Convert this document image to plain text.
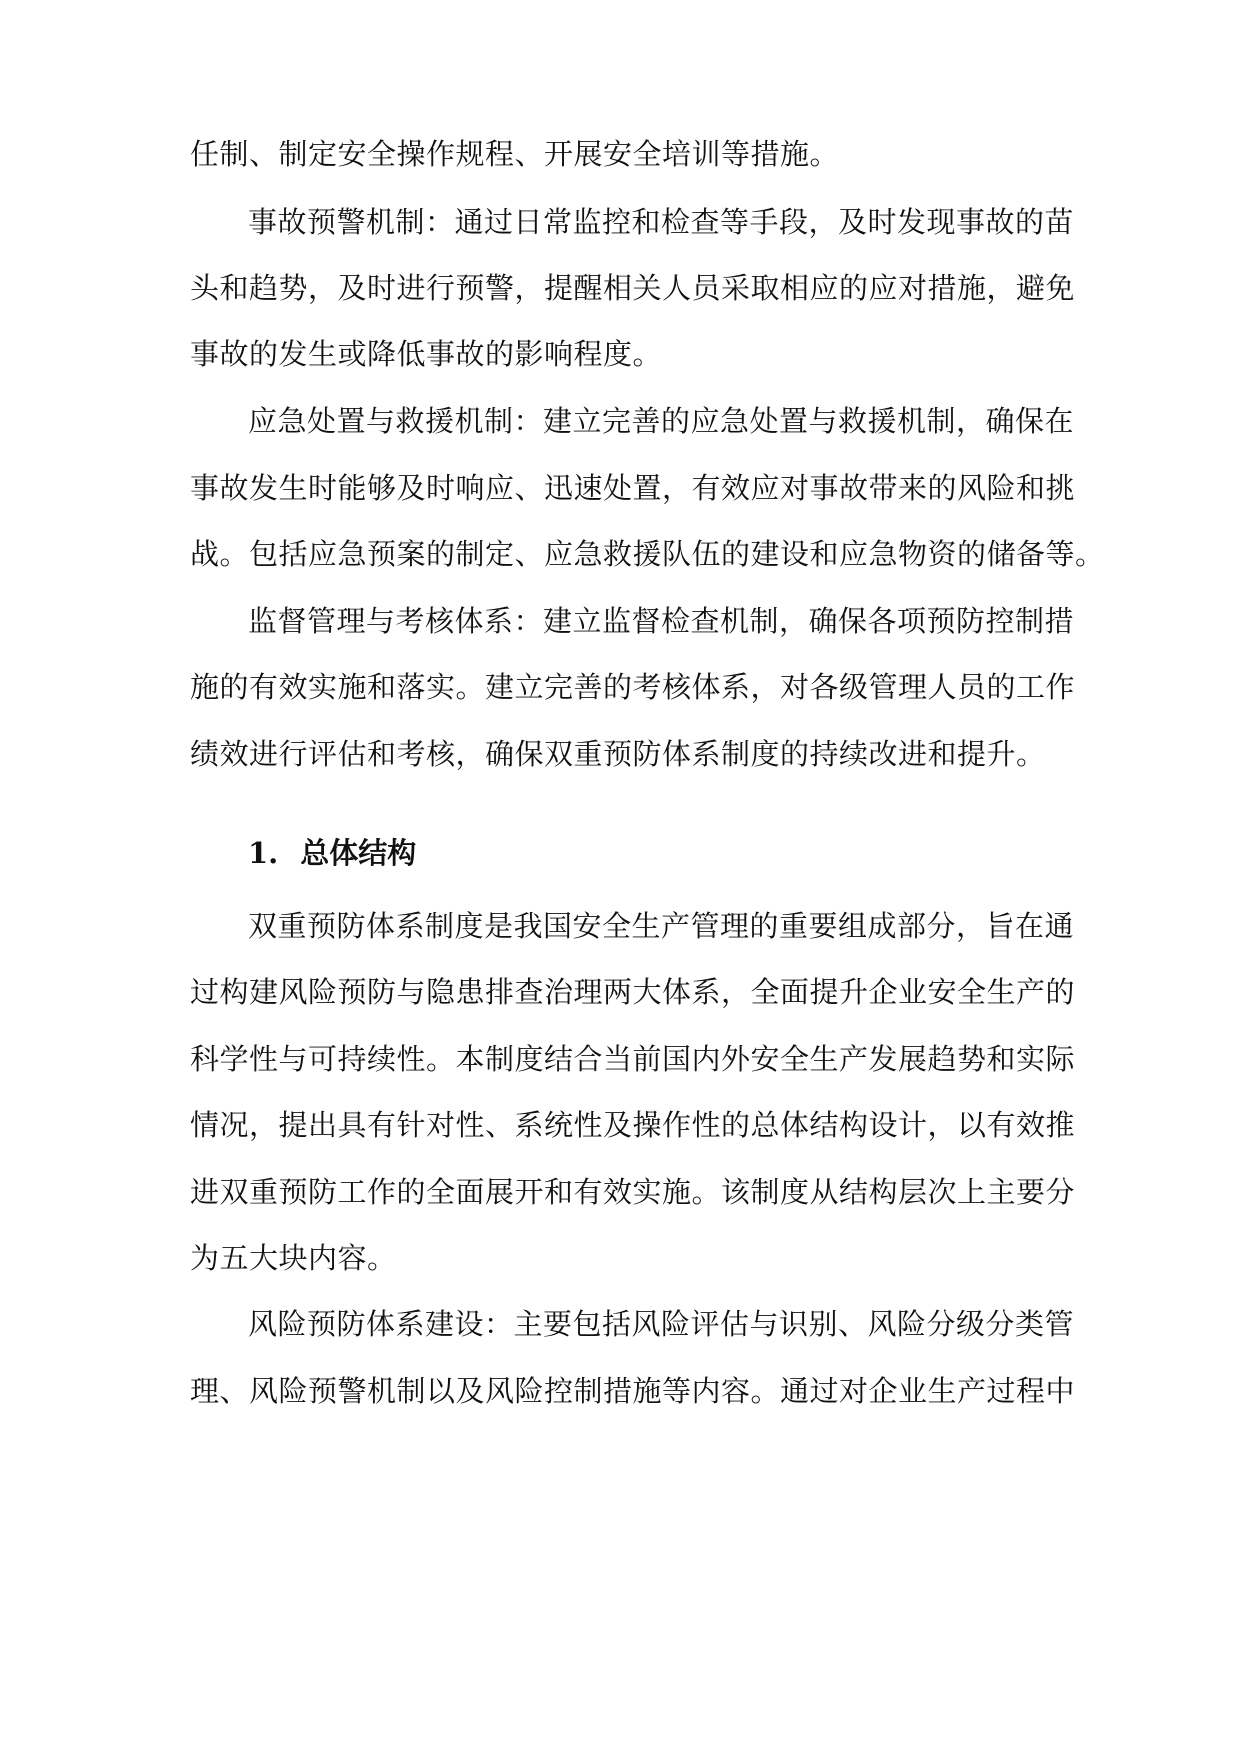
任制、制定安全操作规程、开展安全培训等措施。
事故预警机制：通过日常监控和检查等手段，及时发现事故的苗
头和趋势，及时进行预警，提醒相关人员采取相应的应对措施，避免
事故的发生或降低事故的影响程度。
应急处置与救援机制：建立完善的应急处置与救援机制，确保在
事故发生时能够及时响应、迅速处置，有效应对事故带来的风险和挑
战。包括应急预案的制定、应急救援队伍的建设和应急物资的储备等。
监督管理与考核体系：建立监督检查机制，确保各项预防控制措
施的有效实施和落实。建立完善的考核体系，对各级管理人员的工作
绩效进行评估和考核，确保双重预防体系制度的持续改进和提升。
1. 总体结构
双重预防体系制度是我国安全生产管理的重要组成部分，旨在通
过构建风险预防与隐患排查治理两大体系，全面提升企业安全生产的
科学性与可持续性。本制度结合当前国内外安全生产发展趋势和实际
情况，提出具有针对性、系统性及操作性的总体结构设计，以有效推
进双重预防工作的全面展开和有效实施。该制度从结构层次上主要分
为五大块内容。
风险预防体系建设：主要包括风险评估与识别、风险分级分类管
理、风险预警机制以及风险控制措施等内容。通过对企业生产过程中
